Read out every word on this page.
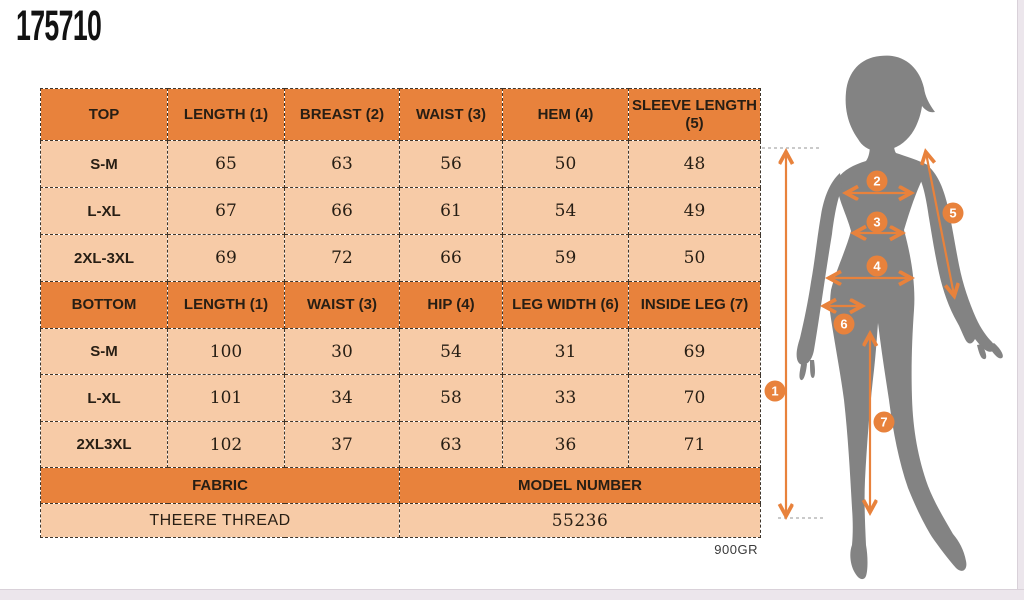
175710
TOP	LENGTH (1)	BREAST (2)	WAIST (3)	HEM (4)	SLEEVE LENGTH (5)
S-M	65	63	56	50	48
L-XL	67	66	61	54	49
2XL-3XL	69	72	66	59	50
BOTTOM	LENGTH (1)	WAIST (3)	HIP (4)	LEG WIDTH (6)	INSIDE LEG (7)
S-M	100	30	54	31	69
L-XL	101	34	58	33	70
2XL3XL	102	37	63	36	71
FABRIC			MODEL NUMBER		
THEERE THREAD			55236		
900GR
1
2
3
4
5
6
7
